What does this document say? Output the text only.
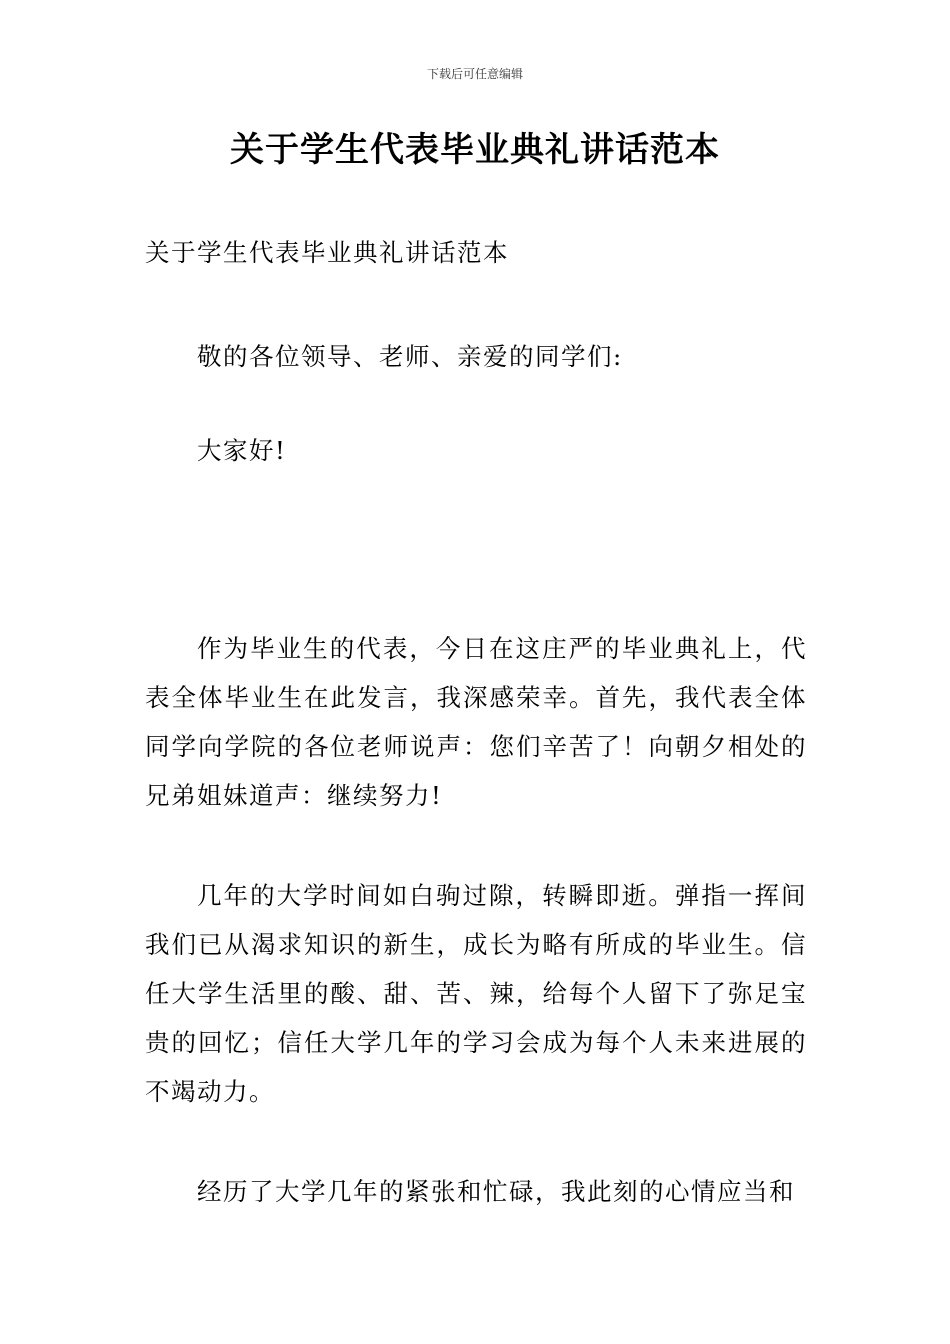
下载后可任意编辑
关于学生代表毕业典礼讲话范本
关于学生代表毕业典礼讲话范本
敬的各位领导、老师、亲爱的同学们:
大家好!
作为毕业生的代表，今日在这庄严的毕业典礼上，代表全体毕业生在此发言，我深感荣幸。首先，我代表全体同学向学院的各位老师说声：您们辛苦了！向朝夕相处的兄弟姐妹道声：继续努力!
几年的大学时间如白驹过隙，转瞬即逝。弹指一挥间我们已从渴求知识的新生，成长为略有所成的毕业生。信任大学生活里的酸、甜、苦、辣，给每个人留下了弥足宝贵的回忆；信任大学几年的学习会成为每个人未来进展的不竭动力。
经历了大学几年的紧张和忙碌，我此刻的心情应当和
